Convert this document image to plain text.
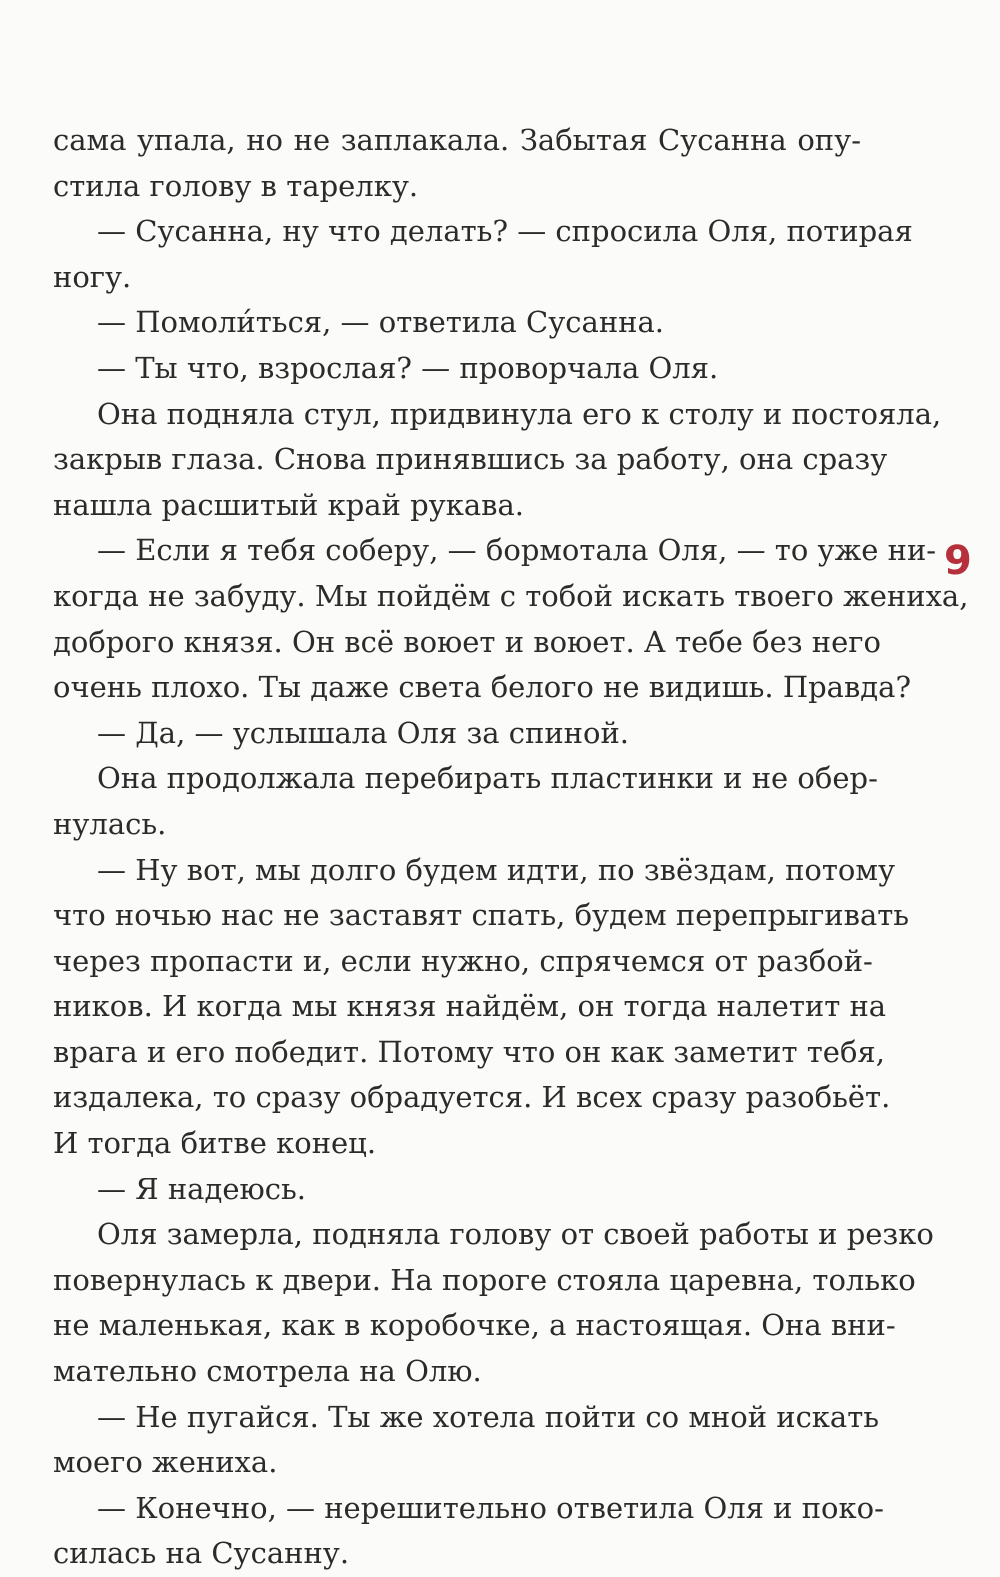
сама упала, но не заплакала. Забытая Сусанна опу-
стила голову в тарелку.
— Сусанна, ну что делать? — спросила Оля, потирая
ногу.
— Помоли́ться, — ответила Сусанна.
— Ты что, взрослая? — проворчала Оля.
Она подняла стул, придвинула его к столу и постояла,
закрыв глаза. Снова принявшись за работу, она сразу
нашла расшитый край рукава.
— Если я тебя соберу, — бормотала Оля, — то уже ни-
когда не забуду. Мы пойдём с тобой искать твоего жениха,
доброго князя. Он всё воюет и воюет. А тебе без него
очень плохо. Ты даже света белого не видишь. Правда?
— Да, — услышала Оля за спиной.
Она продолжала перебирать пластинки и не обер-
нулась.
— Ну вот, мы долго будем идти, по звёздам, потому
что ночью нас не заставят спать, будем перепрыгивать
через пропасти и, если нужно, спрячемся от разбой-
ников. И когда мы князя найдём, он тогда налетит на
врага и его победит. Потому что он как заметит тебя,
издалека, то сразу обрадуется. И всех сразу разобьёт.
И тогда битве конец.
— Я надеюсь.
Оля замерла, подняла голову от своей работы и резко
повернулась к двери. На пороге стояла царевна, только
не маленькая, как в коробочке, а настоящая. Она вни-
мательно смотрела на Олю.
— Не пугайся. Ты же хотела пойти со мной искать
моего жениха.
— Конечно, — нерешительно ответила Оля и поко-
силась на Сусанну.
9
